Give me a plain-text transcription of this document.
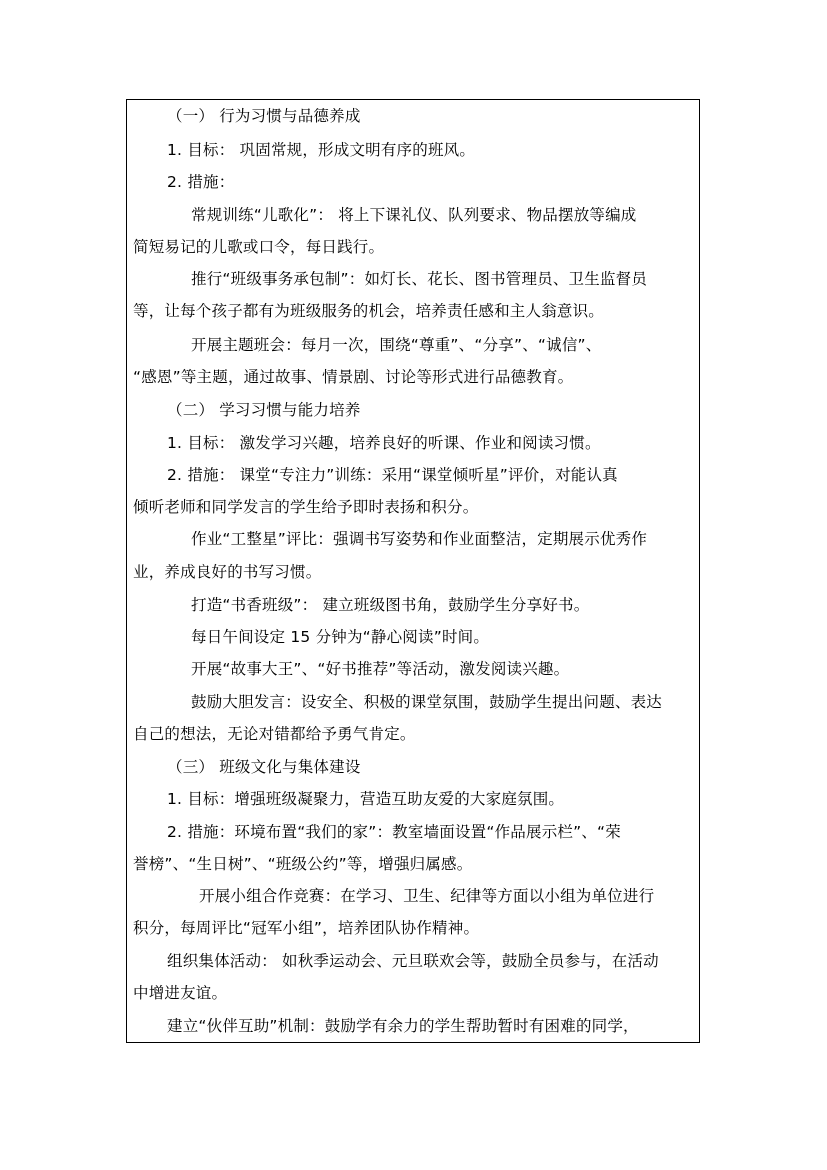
（一） 行为习惯与品德养成
1. 目标： 巩固常规，形成文明有序的班风。
2. 措施：
常规训练“儿歌化”： 将上下课礼仪、队列要求、物品摆放等编成
简短易记的儿歌或口令，每日践行。
推行“班级事务承包制”：如灯长、花长、图书管理员、卫生监督员
等，让每个孩子都有为班级服务的机会，培养责任感和主人翁意识。
开展主题班会：每月一次，围绕“尊重”、“分享”、“诚信”、
“感恩”等主题，通过故事、情景剧、讨论等形式进行品德教育。
（二） 学习习惯与能力培养
1. 目标： 激发学习兴趣，培养良好的听课、作业和阅读习惯。
2. 措施： 课堂“专注力”训练：采用“课堂倾听星”评价，对能认真
倾听老师和同学发言的学生给予即时表扬和积分。
作业“工整星”评比：强调书写姿势和作业面整洁，定期展示优秀作
业，养成良好的书写习惯。
打造“书香班级”： 建立班级图书角，鼓励学生分享好书。
每日午间设定 15 分钟为“静心阅读”时间。
开展“故事大王”、“好书推荐”等活动，激发阅读兴趣。
鼓励大胆发言：设安全、积极的课堂氛围，鼓励学生提出问题、表达
自己的想法，无论对错都给予勇气肯定。
（三） 班级文化与集体建设
1. 目标：增强班级凝聚力，营造互助友爱的大家庭氛围。
2. 措施：环境布置“我们的家”：教室墙面设置“作品展示栏”、“荣
誉榜”、“生日树”、“班级公约”等，增强归属感。
开展小组合作竞赛：在学习、卫生、纪律等方面以小组为单位进行
积分，每周评比“冠军小组”，培养团队协作精神。
组织集体活动： 如秋季运动会、元旦联欢会等，鼓励全员参与，在活动
中增进友谊。
建立“伙伴互助”机制：鼓励学有余力的学生帮助暂时有困难的同学，
